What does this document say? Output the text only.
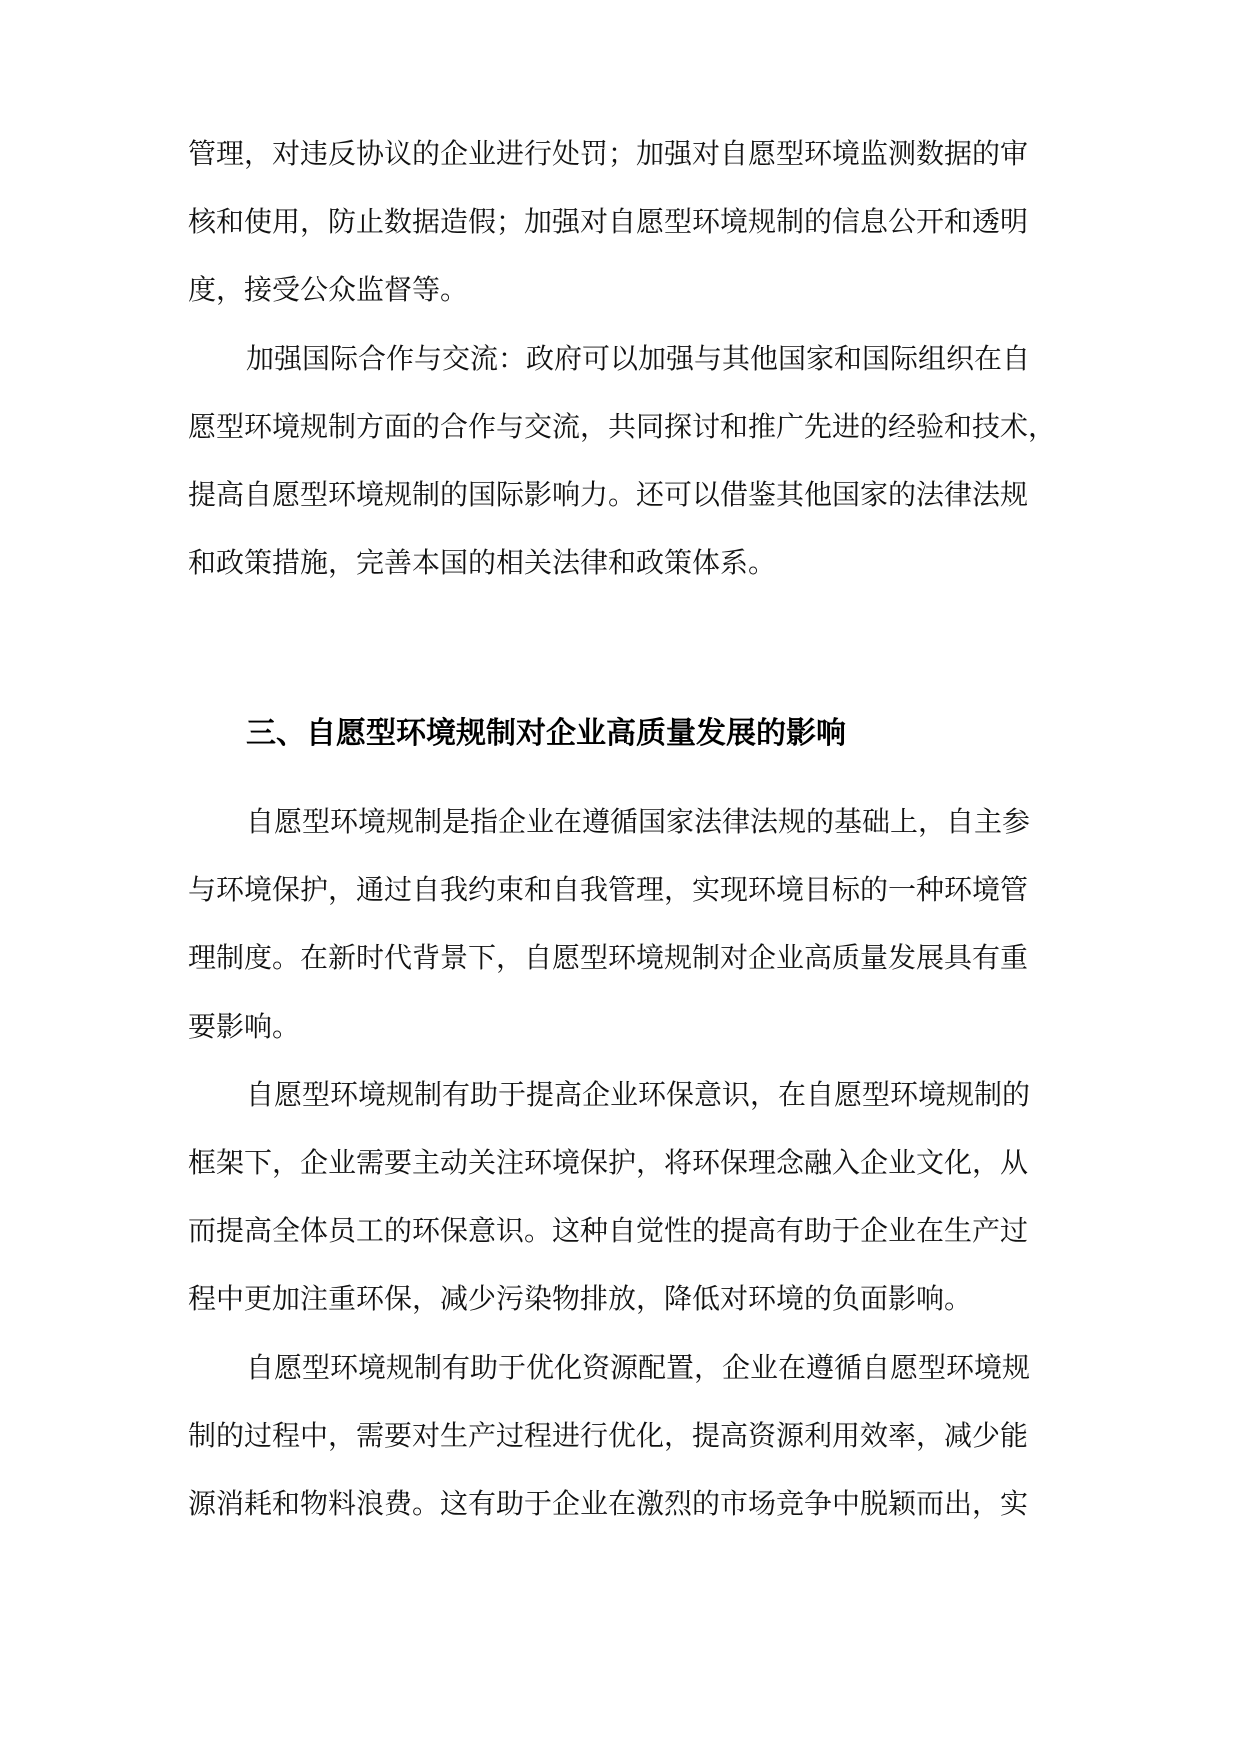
管理，对违反协议的企业进行处罚；加强对自愿型环境监测数据的审
核和使用，防止数据造假；加强对自愿型环境规制的信息公开和透明
度，接受公众监督等。
加强国际合作与交流：政府可以加强与其他国家和国际组织在自
愿型环境规制方面的合作与交流，共同探讨和推广先进的经验和技术，
提高自愿型环境规制的国际影响力。还可以借鉴其他国家的法律法规
和政策措施，完善本国的相关法律和政策体系。
三、自愿型环境规制对企业高质量发展的影响
自愿型环境规制是指企业在遵循国家法律法规的基础上，自主参
与环境保护，通过自我约束和自我管理，实现环境目标的一种环境管
理制度。在新时代背景下，自愿型环境规制对企业高质量发展具有重
要影响。
自愿型环境规制有助于提高企业环保意识，在自愿型环境规制的
框架下，企业需要主动关注环境保护，将环保理念融入企业文化，从
而提高全体员工的环保意识。这种自觉性的提高有助于企业在生产过
程中更加注重环保，减少污染物排放，降低对环境的负面影响。
自愿型环境规制有助于优化资源配置，企业在遵循自愿型环境规
制的过程中，需要对生产过程进行优化，提高资源利用效率，减少能
源消耗和物料浪费。这有助于企业在激烈的市场竞争中脱颖而出，实
